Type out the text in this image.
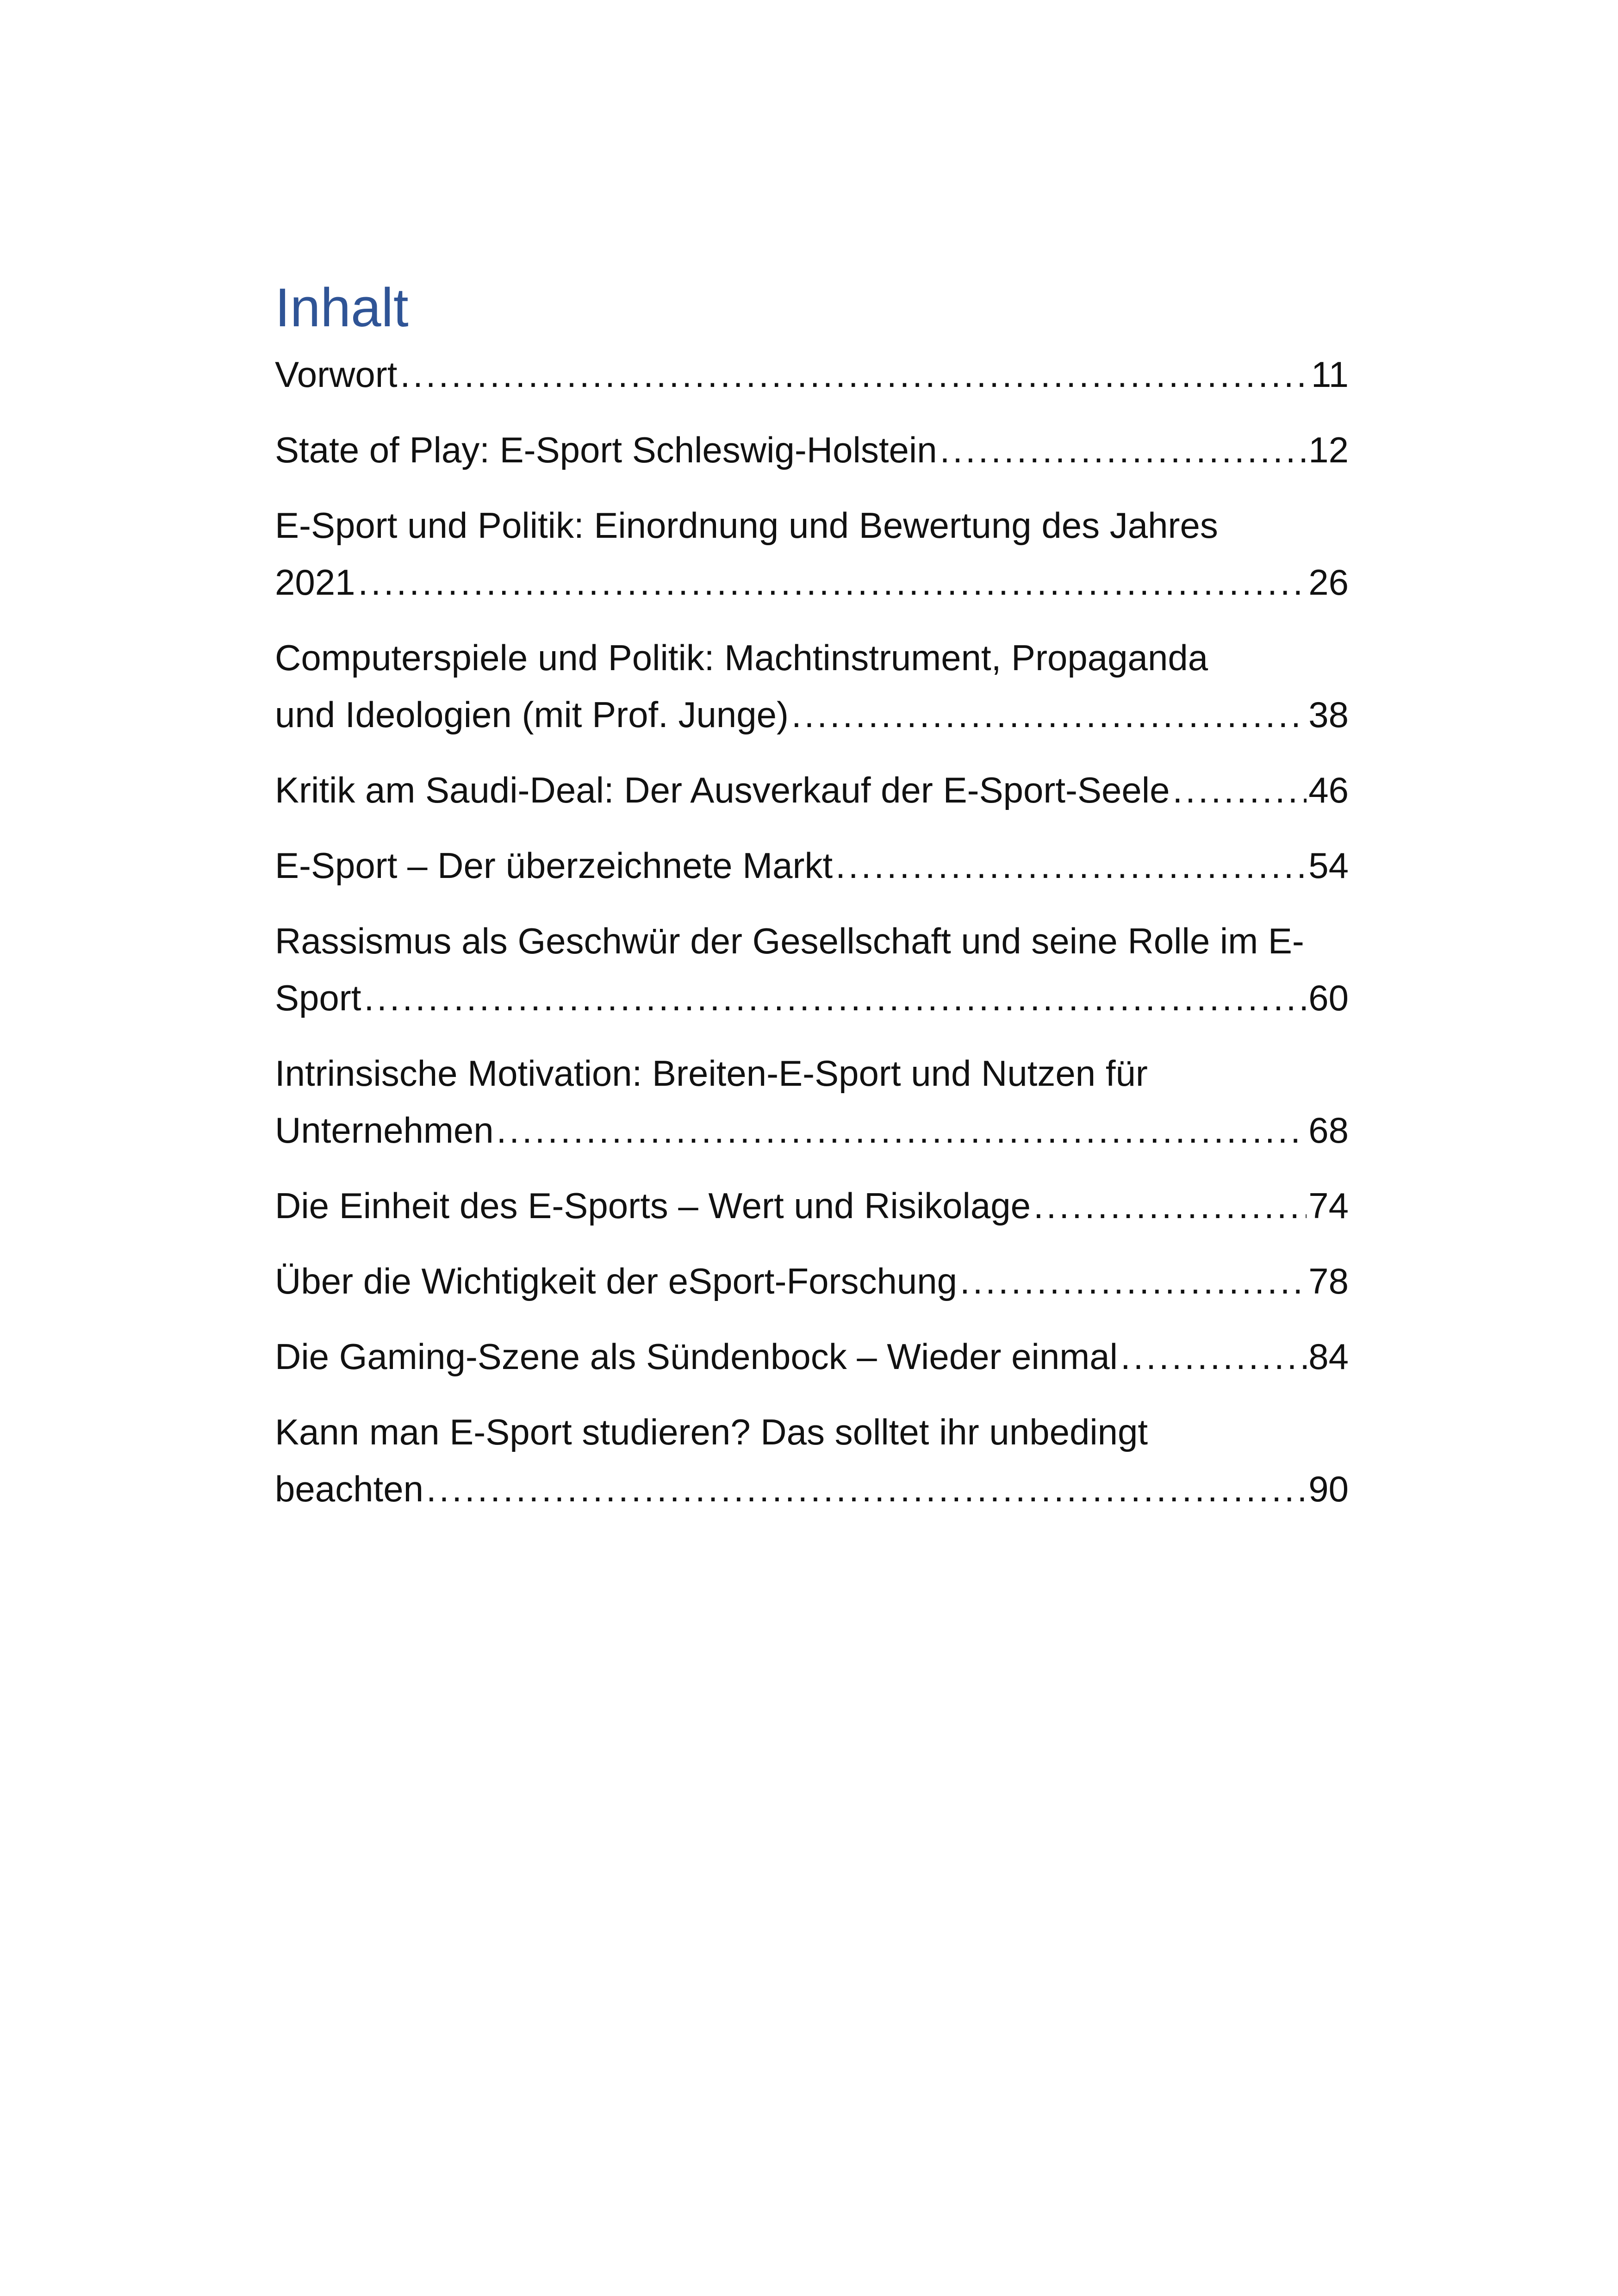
Inhalt
Vorwort .....	11
State of Play: E-Sport Schleswig-Holstein .....	12
E-Sport und Politik: Einordnung und Bewertung des Jahres
2021 .....	26
Computerspiele und Politik: Machtinstrument, Propaganda
und Ideologien (mit Prof. Junge) .....	38
Kritik am Saudi-Deal: Der Ausverkauf der E-Sport-Seele .....	46
E-Sport – Der überzeichnete Markt .....	54
Rassismus als Geschwür der Gesellschaft und seine Rolle im E-
Sport .....	60
Intrinsische Motivation: Breiten-E-Sport und Nutzen für
Unternehmen .....	68
Die Einheit des E-Sports – Wert und Risikolage .....	74
Über die Wichtigkeit der eSport-Forschung .....	78
Die Gaming-Szene als Sündenbock – Wieder einmal .....	84
Kann man E-Sport studieren? Das solltet ihr unbedingt
beachten .....	90
